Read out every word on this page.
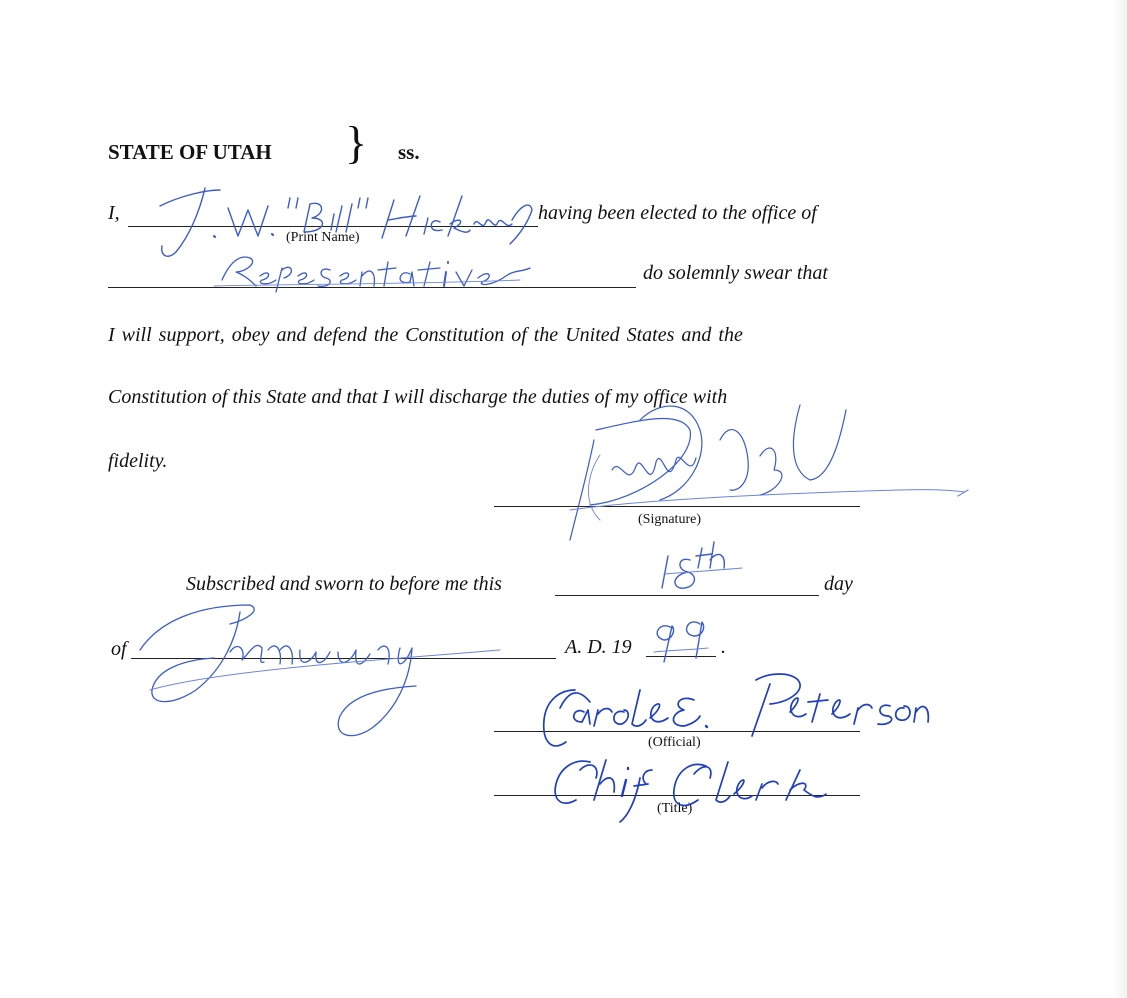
STATE OF UTAH } ss.
I,	having been elected to the office of
(Print Name)
do solemnly swear that
I will support, obey and defend the Constitution of the United States and the
Constitution of this State and that I will discharge the duties of my office with
fidelity.
(Signature)
Subscribed and sworn to before me this	day
of	A. D. 19	.
(Official)
(Title)
